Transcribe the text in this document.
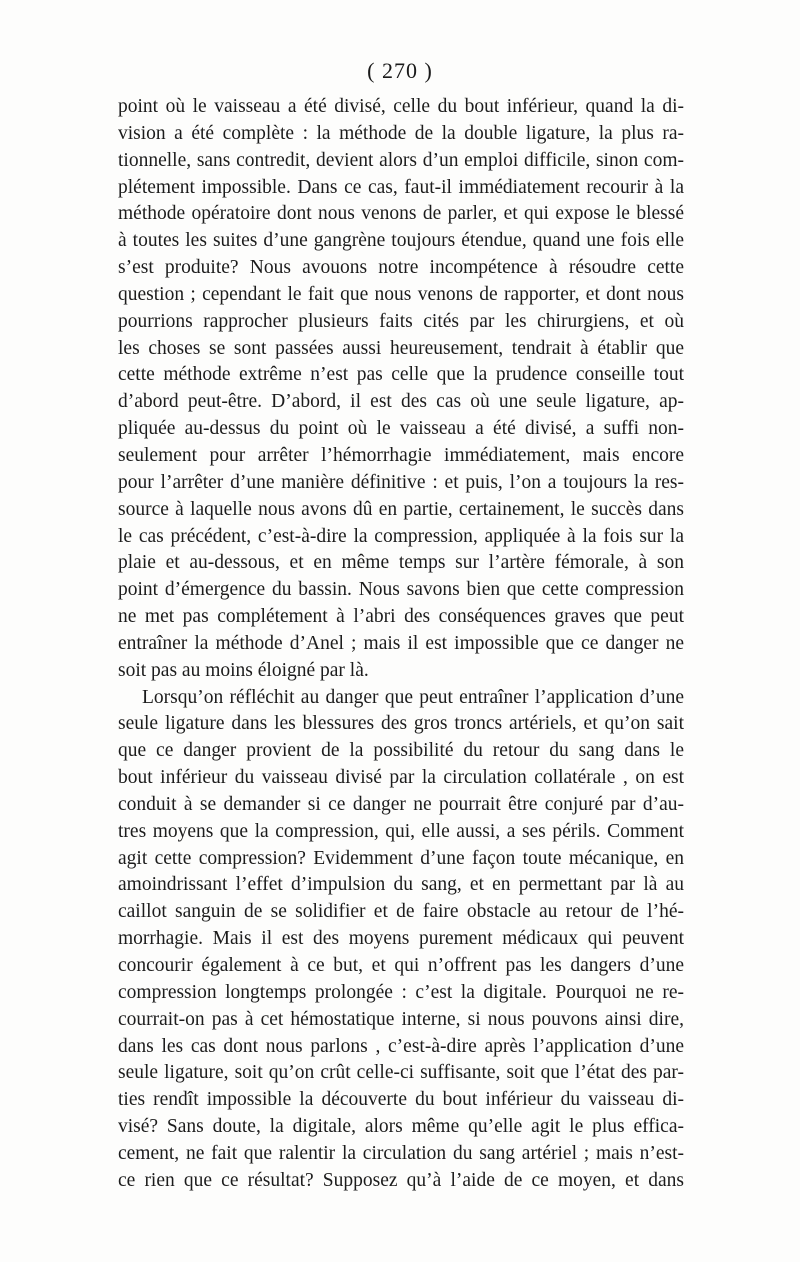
( 270 )
point où le vaisseau a été divisé, celle du bout inférieur, quand la di-
vision a été complète : la méthode de la double ligature, la plus ra-
tionnelle, sans contredit, devient alors d’un emploi difficile, sinon com-
plétement impossible. Dans ce cas, faut-il immédiatement recourir à la
méthode opératoire dont nous venons de parler, et qui expose le blessé
à toutes les suites d’une gangrène toujours étendue, quand une fois elle
s’est produite? Nous avouons notre incompétence à résoudre cette
question ; cependant le fait que nous venons de rapporter, et dont nous
pourrions rapprocher plusieurs faits cités par les chirurgiens, et où
les choses se sont passées aussi heureusement, tendrait à établir que
cette méthode extrême n’est pas celle que la prudence conseille tout
d’abord peut-être. D’abord, il est des cas où une seule ligature, ap-
pliquée au-dessus du point où le vaisseau a été divisé, a suffi non-
seulement pour arrêter l’hémorrhagie immédiatement, mais encore
pour l’arrêter d’une manière définitive : et puis, l’on a toujours la res-
source à laquelle nous avons dû en partie, certainement, le succès dans
le cas précédent, c’est-à-dire la compression, appliquée à la fois sur la
plaie et au-dessous, et en même temps sur l’artère fémorale, à son
point d’émergence du bassin. Nous savons bien que cette compression
ne met pas complétement à l’abri des conséquences graves que peut
entraîner la méthode d’Anel ; mais il est impossible que ce danger ne
soit pas au moins éloigné par là.
Lorsqu’on réfléchit au danger que peut entraîner l’application d’une
seule ligature dans les blessures des gros troncs artériels, et qu’on sait
que ce danger provient de la possibilité du retour du sang dans le
bout inférieur du vaisseau divisé par la circulation collatérale , on est
conduit à se demander si ce danger ne pourrait être conjuré par d’au-
tres moyens que la compression, qui, elle aussi, a ses périls. Comment
agit cette compression? Evidemment d’une façon toute mécanique, en
amoindrissant l’effet d’impulsion du sang, et en permettant par là au
caillot sanguin de se solidifier et de faire obstacle au retour de l’hé-
morrhagie. Mais il est des moyens purement médicaux qui peuvent
concourir également à ce but, et qui n’offrent pas les dangers d’une
compression longtemps prolongée : c’est la digitale. Pourquoi ne re-
courrait-on pas à cet hémostatique interne, si nous pouvons ainsi dire,
dans les cas dont nous parlons , c’est-à-dire après l’application d’une
seule ligature, soit qu’on crût celle-ci suffisante, soit que l’état des par-
ties rendît impossible la découverte du bout inférieur du vaisseau di-
visé? Sans doute, la digitale, alors même qu’elle agit le plus effica-
cement, ne fait que ralentir la circulation du sang artériel ; mais n’est-
ce rien que ce résultat? Supposez qu’à l’aide de ce moyen, et dans
